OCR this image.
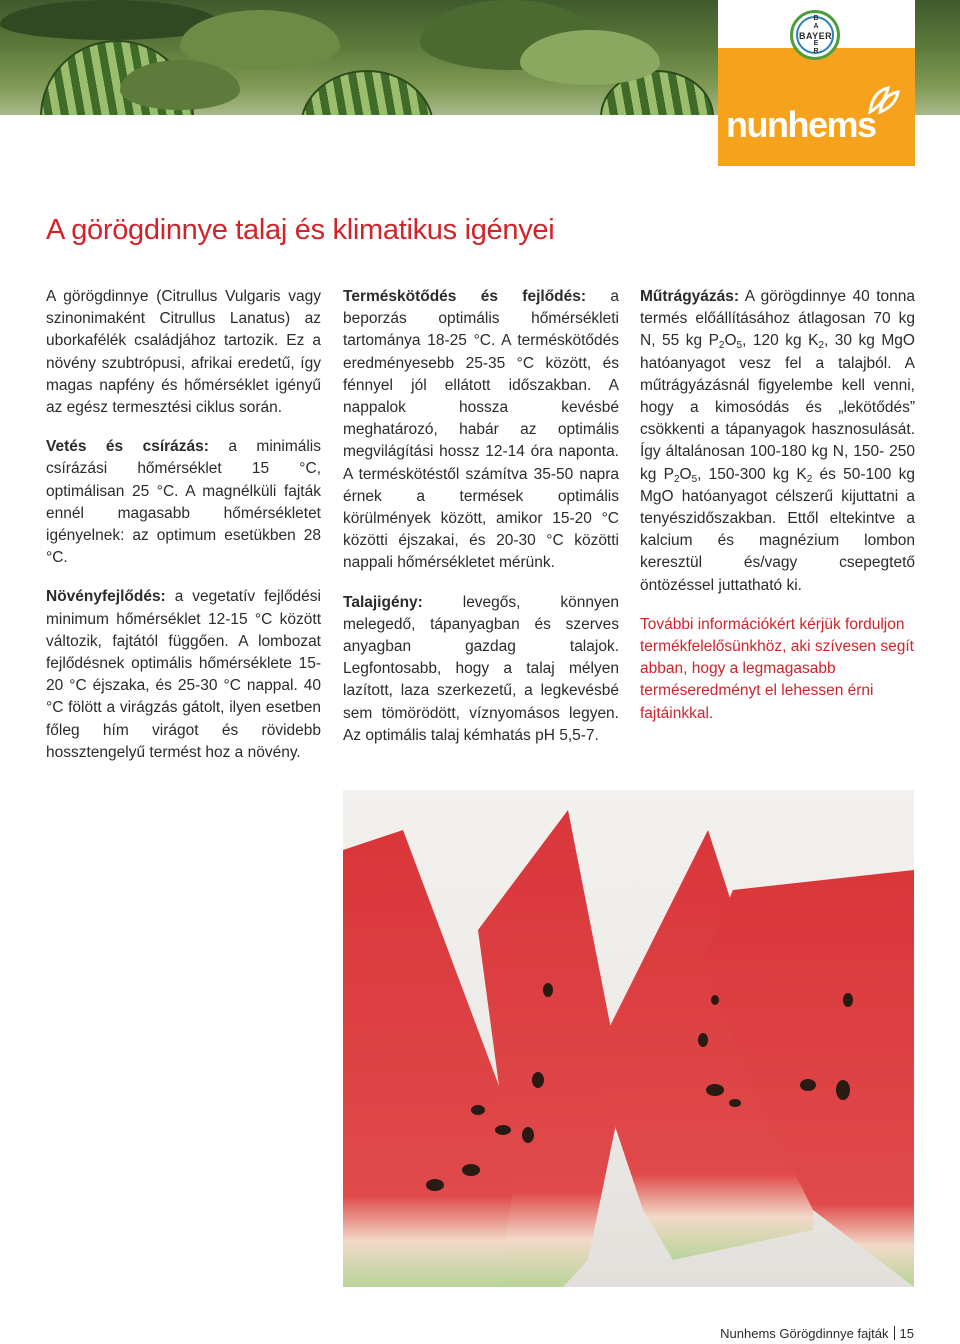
B
A

E
R
BAYER
nunhems
A görögdinnye talaj és klimatikus igényei

A görögdinnye (Citrullus Vulgaris vagy szinonimaként Citrullus Lanatus) az uborkafélék családjához tartozik. Ez a növény szubtrópusi, afrikai eredetű, így magas napfény és hőmérséklet igényű az egész termesztési ciklus során.

Vetés és csírázás: a minimális csírázási hőmérséklet 15 °C, optimálisan 25 °C. A magnélküli fajták ennél magasabb hőmérsékletet igényelnek: az optimum esetükben 28 °C.

Növényfejlődés: a vegetatív fejlődési minimum hőmérséklet 12-15 °C között változik, fajtától függően. A lombozat fejlődésnek optimális hőmérséklete 15-20 °C éjszaka, és 25-30 °C nappal. 40 °C fölött a virágzás gátolt, ilyen esetben főleg hím virágot és rövidebb hossztengelyű termést hoz a növény.

Terméskötődés és fejlődés: a beporzás optimális hőmérsékleti tartománya 18-25 °C. A terméskötődés eredményesebb 25-35 °C között, és fénnyel jól ellátott időszakban. A nappalok hossza kevésbé meghatározó, habár az optimális megvilágítási hossz 12-14 óra naponta. A terméskötéstől számítva 35-50 napra érnek a termések optimális körülmények között, amikor 15-20 °C közötti éjszakai, és 20-30 °C közötti nappali hőmérsékletet mérünk.

Talajigény: levegős, könnyen melegedő, tápanyagban és szerves anyagban gazdag talajok. Legfontosabb, hogy a talaj mélyen lazított, laza szerkezetű, a legkevésbé sem tömörödött, víznyomásos legyen. Az optimális talaj kémhatás pH 5,5-7.

Műtrágyázás: A görögdinnye 40 tonna termés előállításához átlagosan 70 kg N, 55 kg $P_2O_5$, 120 kg $K_2$, 30 kg MgO hatóanyagot vesz fel a talajból. A műtrágyázásnál figyelembe kell venni, hogy a kimosódás és „lekötődés” csökkenti a tápanyagok hasznosulását. Így általánosan 100-180 kg N, 150- 250 kg $P_2O_5$, 150-300 kg $K_2$ és 50-100 kg MgO hatóanyagot célszerű kijuttatni a tenyészidőszakban. Ettől eltekintve a kalcium és magnézium lombon keresztül és/vagy csepegtető öntözéssel juttatható ki.

További információkért kérjük forduljon termékfelelősünkhöz, aki szívesen segít abban, hogy a legmagasabb terméseredményt el lehessen érni fajtáinkkal.

Nunhems Görögdinnye fajták 15
